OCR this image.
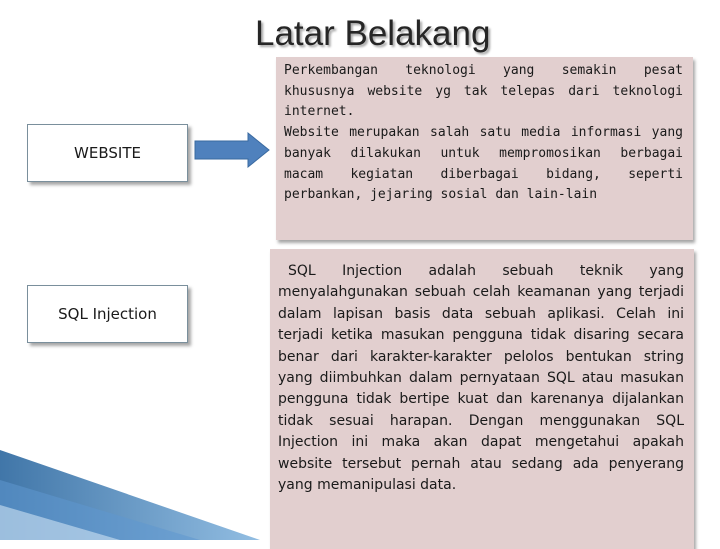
Latar Belakang
WEBSITE

Perkembangan teknologi yang semakin pesat khususnya website yg tak telepas dari teknologi internet.

Website merupakan salah satu media informasi yang banyak dilakukan untuk mempromosikan berbagai macam kegiatan diberbagai bidang, seperti perbankan, jejaring sosial dan lain-lain

SQL Injection

SQL Injection adalah sebuah teknik yang menyalahgunakan sebuah celah keamanan yang terjadi dalam lapisan basis data sebuah aplikasi. Celah ini terjadi ketika masukan pengguna tidak disaring secara benar dari karakter-karakter pelolos bentukan string yang diimbuhkan dalam pernyataan SQL atau masukan pengguna tidak bertipe kuat dan karenanya dijalankan tidak sesuai harapan. Dengan menggunakan SQL Injection ini maka akan dapat mengetahui apakah website tersebut pernah atau sedang ada penyerang yang memanipulasi data.
